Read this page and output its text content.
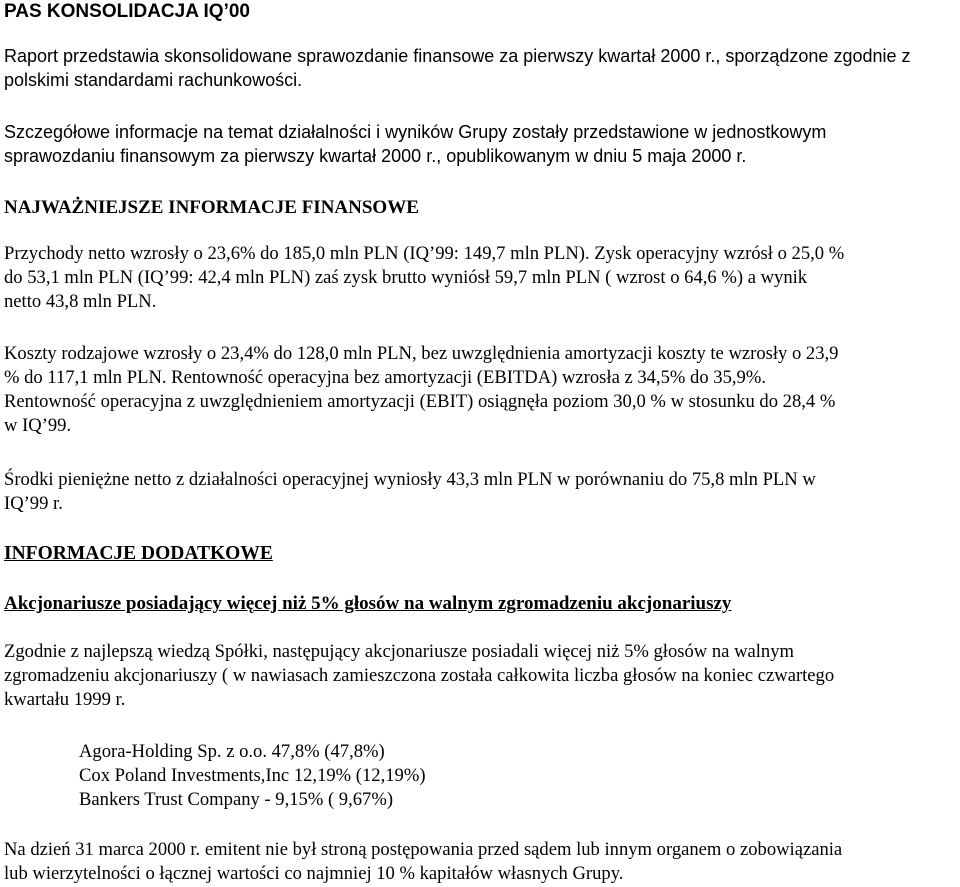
PAS KONSOLIDACJA IQ’00
Raport przedstawia skonsolidowane sprawozdanie finansowe za pierwszy kwartał 2000 r., sporządzone zgodnie z
polskimi standardami rachunkowości.
Szczegółowe informacje na temat działalności i wyników Grupy zostały przedstawione w jednostkowym
sprawozdaniu finansowym za pierwszy kwartał 2000 r., opublikowanym w dniu 5 maja 2000 r.
NAJWAŻNIEJSZE INFORMACJE FINANSOWE
Przychody netto wzrosły o 23,6% do 185,0 mln PLN (IQ’99: 149,7 mln PLN). Zysk operacyjny wzrósł o 25,0 %
do 53,1 mln PLN (IQ’99: 42,4 mln PLN) zaś zysk brutto wyniósł 59,7 mln PLN ( wzrost o 64,6 %) a wynik
netto 43,8 mln PLN.
Koszty rodzajowe wzrosły o 23,4% do 128,0 mln PLN, bez uwzględnienia amortyzacji koszty te wzrosły o 23,9
% do 117,1 mln PLN. Rentowność operacyjna bez amortyzacji (EBITDA) wzrosła z 34,5% do 35,9%.
Rentowność operacyjna z uwzględnieniem amortyzacji (EBIT) osiągnęła poziom 30,0 % w stosunku do 28,4 %
w IQ’99.
Środki pieniężne netto z działalności operacyjnej wyniosły 43,3 mln PLN w porównaniu do 75,8 mln PLN w
IQ’99 r.
INFORMACJE DODATKOWE
Akcjonariusze posiadający więcej niż 5% głosów na walnym zgromadzeniu akcjonariuszy
Zgodnie z najlepszą wiedzą Spółki, następujący akcjonariusze posiadali więcej niż 5% głosów na walnym
zgromadzeniu akcjonariuszy ( w nawiasach zamieszczona została całkowita liczba głosów na koniec czwartego
kwartału 1999 r.
Agora-Holding Sp. z o.o. 47,8% (47,8%)
Cox Poland Investments,Inc 12,19% (12,19%)
Bankers Trust Company - 9,15% ( 9,67%)
Na dzień 31 marca 2000 r. emitent nie był stroną postępowania przed sądem lub innym organem o zobowiązania
lub wierzytelności o łącznej wartości co najmniej 10 % kapitałów własnych Grupy.
